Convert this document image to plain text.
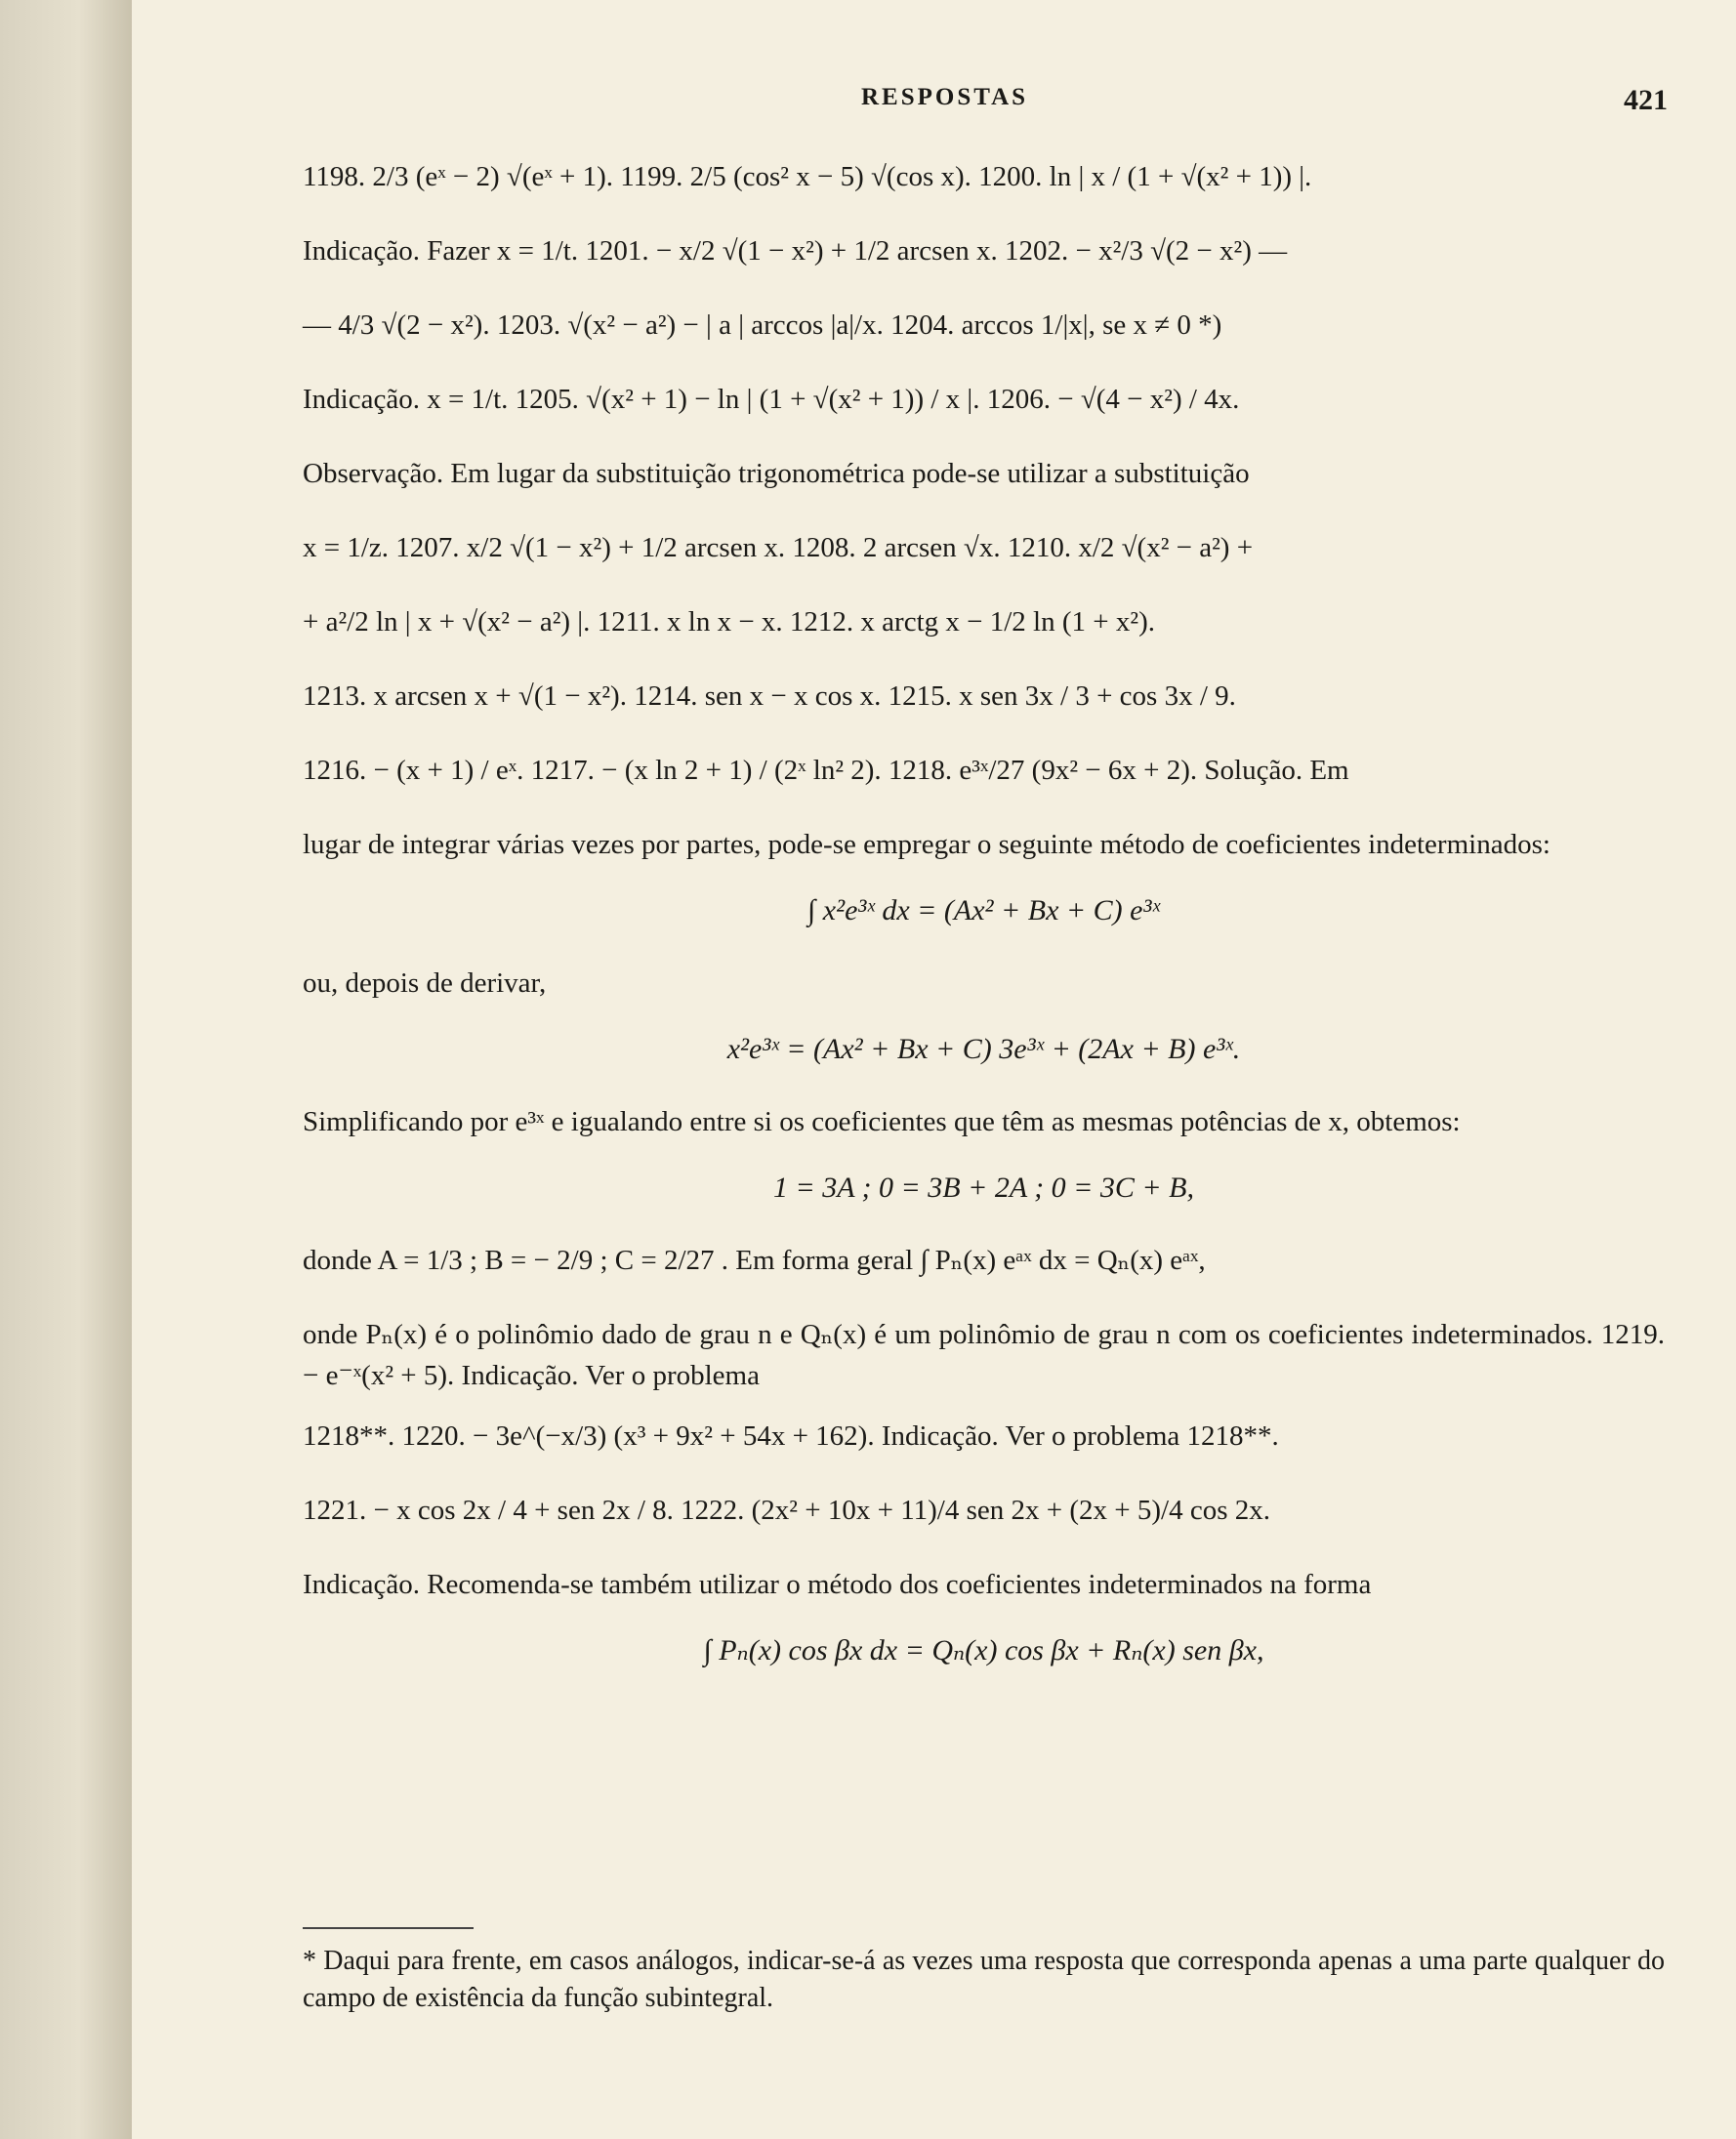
RESPOSTAS	421
1198. 2/3 (eˣ − 2) √(eˣ + 1). 1199. 2/5 (cos² x − 5) √(cos x). 1200. ln | x / (1 + √(x² + 1)) |.
Indicação. Fazer x = 1/t. 1201. − x/2 √(1 − x²) + 1/2 arcsen x. 1202. − x²/3 √(2 − x²) —
— 4/3 √(2 − x²). 1203. √(x² − a²) − | a | arccos |a|/x. 1204. arccos 1/|x|, se x ≠ 0 *)
Indicação. x = 1/t. 1205. √(x² + 1) − ln | (1 + √(x² + 1)) / x |. 1206. − √(4 − x²) / 4x.
Observação. Em lugar da substituição trigonométrica pode-se utilizar a substituição
x = 1/z. 1207. x/2 √(1 − x²) + 1/2 arcsen x. 1208. 2 arcsen √x. 1210. x/2 √(x² − a²) +
+ a²/2 ln | x + √(x² − a²) |. 1211. x ln x − x. 1212. x arctg x − 1/2 ln (1 + x²).
1213. x arcsen x + √(1 − x²). 1214. sen x − x cos x. 1215. x sen 3x / 3 + cos 3x / 9.
1216. − (x + 1) / eˣ. 1217. − (x ln 2 + 1) / (2ˣ ln² 2). 1218. e³ˣ/27 (9x² − 6x + 2). Solução. Em
lugar de integrar várias vezes por partes, pode-se empregar o seguinte método de coeficientes indeterminados:
∫ x²e³ˣ dx = (Ax² + Bx + C) e³ˣ
ou, depois de derivar,
x²e³ˣ = (Ax² + Bx + C) 3e³ˣ + (2Ax + B) e³ˣ.
Simplificando por e³ˣ e igualando entre si os coeficientes que têm as mesmas potências de x, obtemos:
1 = 3A ; 0 = 3B + 2A ; 0 = 3C + B,
donde A = 1/3 ; B = − 2/9 ; C = 2/27 . Em forma geral ∫ Pₙ(x) eᵃˣ dx = Qₙ(x) eᵃˣ,
onde Pₙ(x) é o polinômio dado de grau n e Qₙ(x) é um polinômio de grau n com os coeficientes indeterminados. 1219. − e⁻ˣ(x² + 5). Indicação. Ver o problema
1218**. 1220. − 3e^(−x/3) (x³ + 9x² + 54x + 162). Indicação. Ver o problema 1218**.
1221. − x cos 2x / 4 + sen 2x / 8. 1222. (2x² + 10x + 11)/4 sen 2x + (2x + 5)/4 cos 2x.
Indicação. Recomenda-se também utilizar o método dos coeficientes indeterminados na forma
∫ Pₙ(x) cos βx dx = Qₙ(x) cos βx + Rₙ(x) sen βx,
* Daqui para frente, em casos análogos, indicar-se-á as vezes uma resposta que corresponda apenas a uma parte qualquer do campo de existência da função subintegral.
